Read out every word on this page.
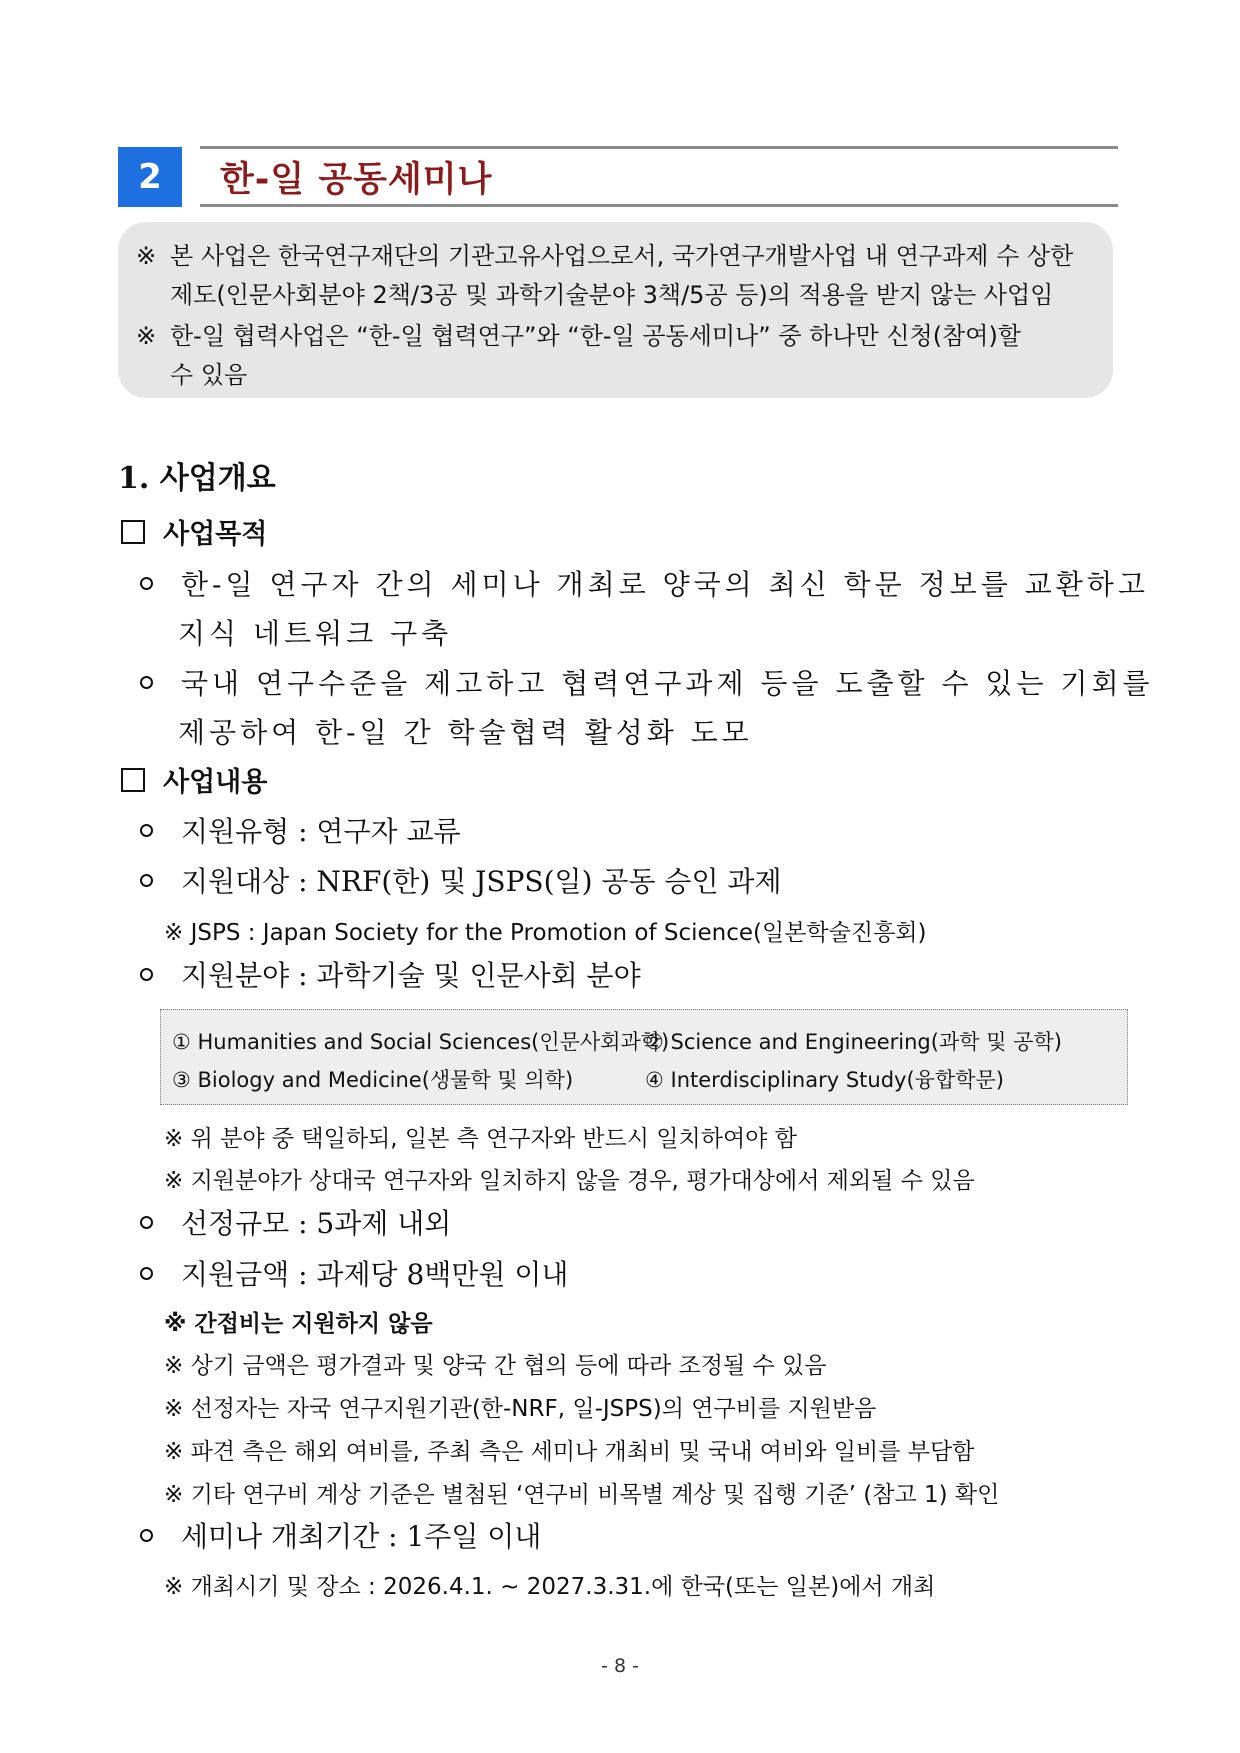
2	한-일 공동세미나
※ 본 사업은 한국연구재단의 기관고유사업으로서, 국가연구개발사업 내 연구과제 수 상한
제도(인문사회분야 2책/3공 및 과학기술분야 3책/5공 등)의 적용을 받지 않는 사업임
※ 한-일 협력사업은 “한-일 협력연구”와 “한-일 공동세미나” 중 하나만 신청(참여)할
수 있음
1. 사업개요
사업목적
한-일 연구자 간의 세미나 개최로 양국의 최신 학문 정보를 교환하고
지식 네트워크 구축
국내 연구수준을 제고하고 협력연구과제 등을 도출할 수 있는 기회를
제공하여 한-일 간 학술협력 활성화 도모
사업내용
지원유형 : 연구자 교류
지원대상 : NRF(한) 및 JSPS(일) 공동 승인 과제
※ JSPS : Japan Society for the Promotion of Science(일본학술진흥회)
지원분야 : 과학기술 및 인문사회 분야
① Humanities and Social Sciences(인문사회과학)
② Science and Engineering(과학 및 공학)
③ Biology and Medicine(생물학 및 의학)	④ Interdisciplinary Study(융합학문)
※ 위 분야 중 택일하되, 일본 측 연구자와 반드시 일치하여야 함
※ 지원분야가 상대국 연구자와 일치하지 않을 경우, 평가대상에서 제외될 수 있음
선정규모 : 5과제 내외
지원금액 : 과제당 8백만원 이내
※ 간접비는 지원하지 않음
※ 상기 금액은 평가결과 및 양국 간 협의 등에 따라 조정될 수 있음
※ 선정자는 자국 연구지원기관(한-NRF, 일-JSPS)의 연구비를 지원받음
※ 파견 측은 해외 여비를, 주최 측은 세미나 개최비 및 국내 여비와 일비를 부담함
※ 기타 연구비 계상 기준은 별첨된 ‘연구비 비목별 계상 및 집행 기준’ (참고 1) 확인
세미나 개최기간 : 1주일 이내
※ 개최시기 및 장소 : 2026.4.1. ~ 2027.3.31.에 한국(또는 일본)에서 개최
- 8 -
